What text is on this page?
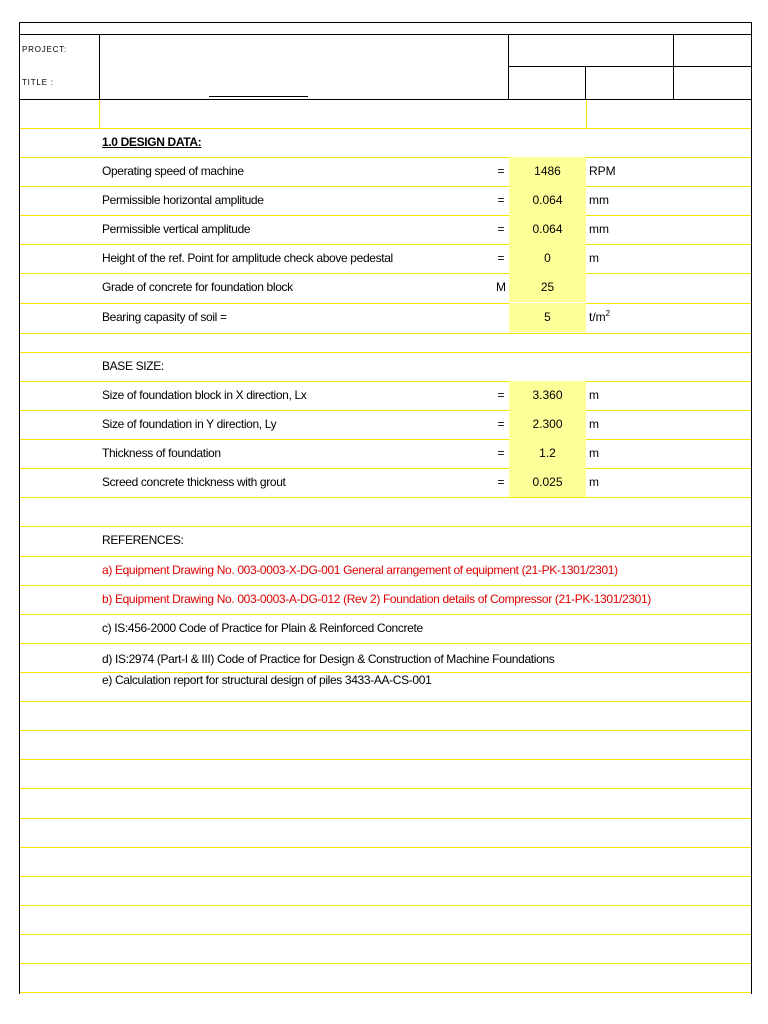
PROJECT:
TITLE :
1.0 DESIGN DATA:
Operating speed of machine	=	1486	RPM
Permissible horizontal amplitude	=	0.064	mm
Permissible vertical amplitude	=	0.064	mm
Height of the ref. Point for amplitude check above pedestal	=	0	m
Grade of concrete for foundation block	M	25
Bearing capasity of soil =	5	$t/m^2$
BASE SIZE:
Size of foundation block in X direction, Lx	=	3.360	m
Size of foundation in Y direction, Ly	=	2.300	m
Thickness of foundation	=	1.2	m
Screed concrete thickness with grout	=	0.025	m
REFERENCES:
a) Equipment Drawing No. 003-0003-X-DG-001 General arrangement of equipment (21-PK-1301/2301)
b) Equipment Drawing No. 003-0003-A-DG-012 (Rev 2) Foundation details of Compressor (21-PK-1301/2301)
c) IS:456-2000 Code of Practice for Plain & Reinforced Concrete
d) IS:2974 (Part-I & III) Code of Practice for Design & Construction of Machine Foundations
e) Calculation report for structural design of piles 3433-AA-CS-001
